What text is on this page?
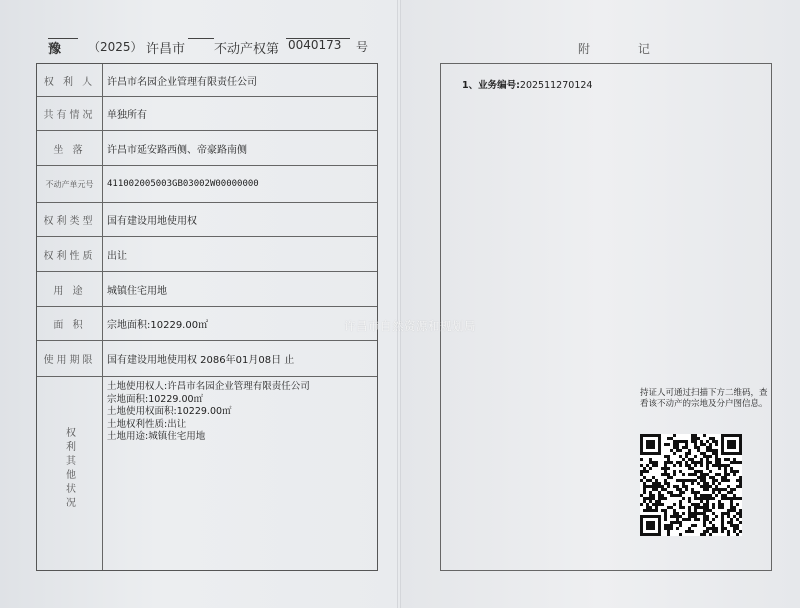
豫 （2025） 许昌市 不动产权第 0040173 号
权 利 人	许昌市名园企业管理有限责任公司
共有情况	单独所有
坐 落	许昌市延安路西侧、帝豪路南侧
不动产单元号	411002005003GB03002W00000000
权利类型	国有建设用地使用权
权利性质	出让
用 途	城镇住宅用地
面 积	宗地面积:10229.00㎡
使用期限	国有建设用地使用权 2086年01月08日 止
权利其他状况
土地使用权人:许昌市名园企业管理有限责任公司
宗地面积:10229.00㎡
土地使用权面积:10229.00㎡
土地权利性质:出让
土地用途:城镇住宅用地
附 记
1、业务编号:202511270124
持证人可通过扫描下方二维码，查看该不动产的宗地及分户图信息。
许昌市自然资源和规划局
